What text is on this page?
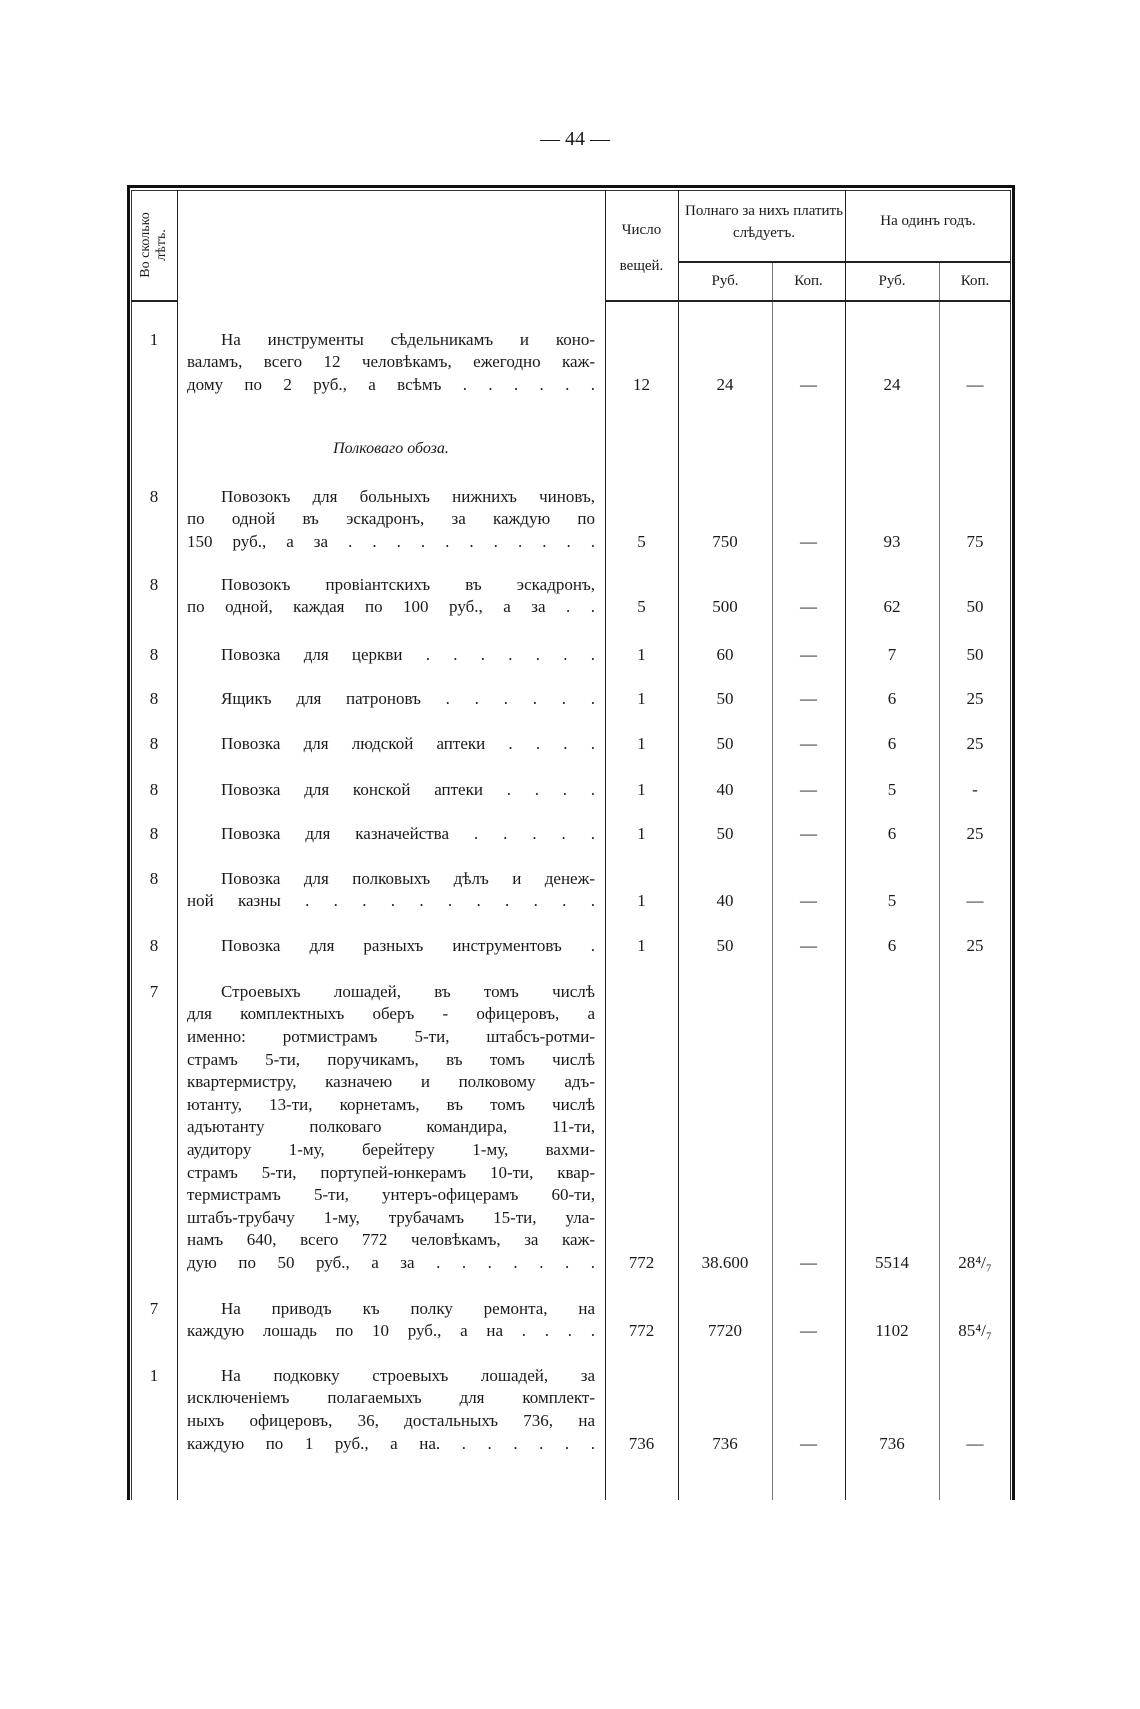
— 44 —
Во сколько лѣтъ.	Число вещей.
Полнаго за нихъ платить слѣдуетъ.
На одинъ годъ.
Руб.	Коп.	Руб.	Коп.
Полковаго обоза.
1	На инструменты сѣдельникамъ и коно-
валамъ, всего 12 человѣкамъ, ежегодно каж-
дому по 2 руб., а всѣмъ . . . . . .	12	24	—	24	—
8	Повозокъ для больныхъ нижнихъ чиновъ,
по одной въ эскадронъ, за каждую по
150 руб., а за . . . . . . . . . . .	5	750	—	93	75
8	Повозокъ провіантскихъ въ эскадронъ,
по одной, каждая по 100 руб., а за . .	5	500	—	62	50
8	Повозка для церкви . . . . . . .	1	60	—	7	50
8	Ящикъ для патроновъ . . . . . .	1	50	—	6	25
8	Повозка для людской аптеки . . . .	1	50	—	6	25
8	Повозка для конской аптеки . . . .	1	40	—	5	-
8	Повозка для казначейства . . . . .	1	50	—	6	25
8	Повозка для полковыхъ дѣлъ и денеж-
ной казны . . . . . . . . . . .	1	40	—	5	—
8	Повозка для разныхъ инструментовъ .	1	50	—	6	25
7	Строевыхъ лошадей, въ томъ числѣ
для комплектныхъ оберъ - офицеровъ, а
именно: ротмистрамъ 5-ти, штабсъ-ротми-
страмъ 5-ти, поручикамъ, въ томъ числѣ
квартермистру, казначею и полковому адъ-
ютанту, 13-ти, корнетамъ, въ томъ числѣ
адъютанту полковаго командира, 11-ти,
аудитору 1-му, берейтеру 1-му, вахми-
страмъ 5-ти, портупей-юнкерамъ 10-ти, квар-
термистрамъ 5-ти, унтеръ-офицерамъ 60-ти,
штабъ-трубачу 1-му, трубачамъ 15-ти, ула-
намъ 640, всего 772 человѣкамъ, за каж-
дую по 50 руб., а за . . . . . . .	772	38.600	—	5514	28⁴/₇
7	На приводъ къ полку ремонта, на
каждую лошадь по 10 руб., а на . . . .	772	7720	—	1102	85⁴/₇
1	На подковку строевыхъ лошадей, за
исключеніемъ полагаемыхъ для комплект-
ныхъ офицеровъ, 36, достальныхъ 736, на
каждую по 1 руб., а на. . . . . . .	736	736	—	736	—
